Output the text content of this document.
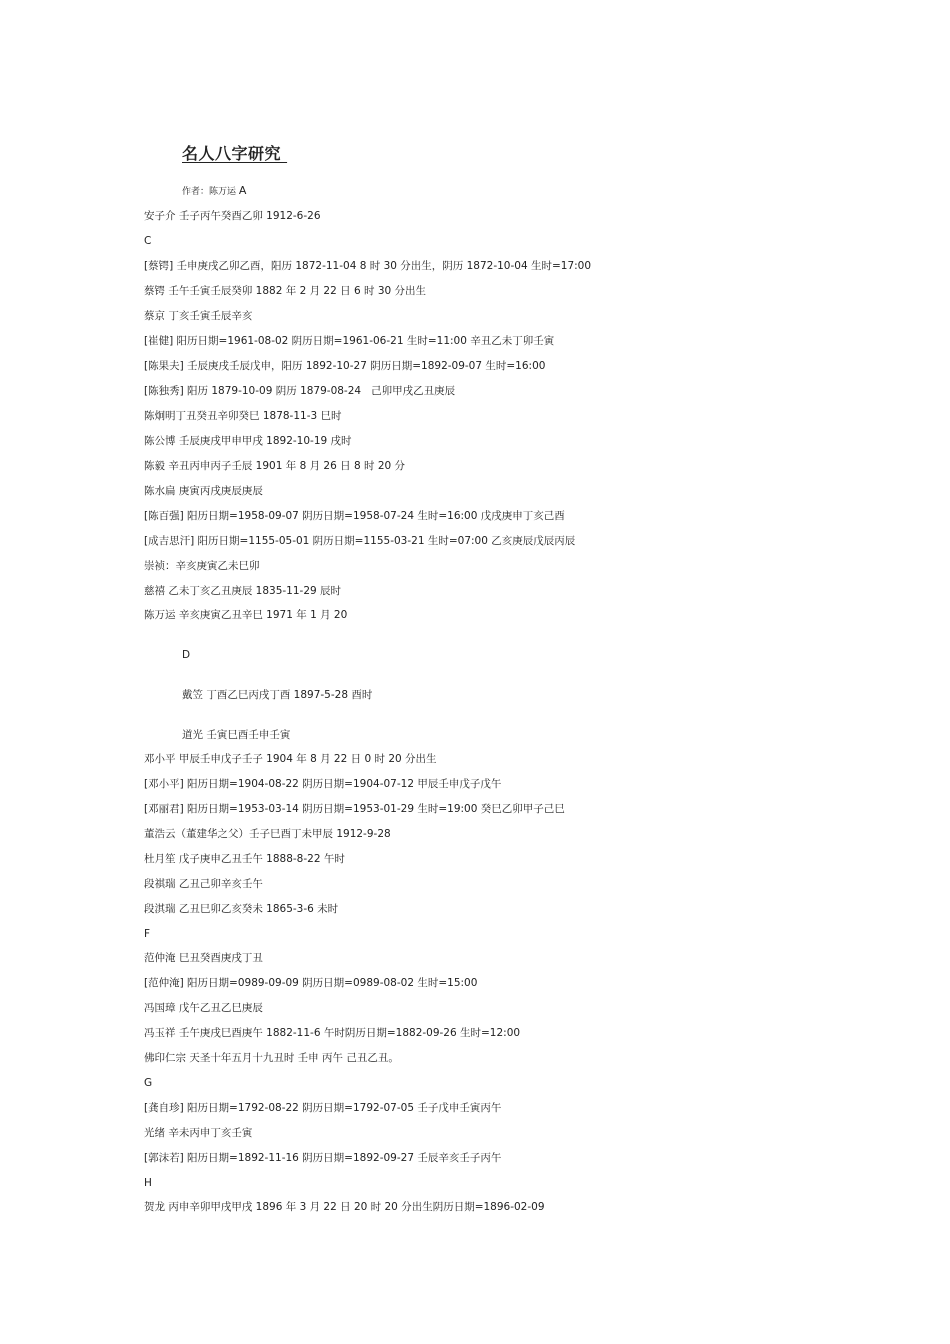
名人八字研究
作者：陈万运 A
安子介 壬子丙午癸酉乙卯 1912-6-26
C
[蔡锷] 壬申庚戌乙卯乙酉，阳历 1872-11-04 8 时 30 分出生，阴历 1872-10-04 生时=17:00
蔡锷 壬午壬寅壬辰癸卯 1882 年 2 月 22 日 6 时 30 分出生
蔡京 丁亥壬寅壬辰辛亥
[崔健] 阳历日期=1961-08-02 阴历日期=1961-06-21 生时=11:00 辛丑乙未丁卯壬寅
[陈果夫] 壬辰庚戌壬辰戊申，阳历 1892-10-27 阴历日期=1892-09-07 生时=16:00
[陈独秀] 阳历 1879-10-09 阴历 1879-08-24   己卯甲戌乙丑庚辰
陈炯明丁丑癸丑辛卯癸巳 1878-11-3 巳时
陈公博 壬辰庚戌甲申甲戌 1892-10-19 戌时
陈毅 辛丑丙申丙子壬辰 1901 年 8 月 26 日 8 时 20 分
陈水扁 庚寅丙戌庚辰庚辰
[陈百强] 阳历日期=1958-09-07 阴历日期=1958-07-24 生时=16:00 戊戌庚申丁亥己酉
[成吉思汗] 阳历日期=1155-05-01 阴历日期=1155-03-21 生时=07:00 乙亥庚辰戊辰丙辰
崇祯：辛亥庚寅乙未巳卯
慈禧 乙未丁亥乙丑庚辰 1835-11-29 辰时
陈万运 辛亥庚寅乙丑辛巳 1971 年 1 月 20
D
戴笠 丁酉乙巳丙戌丁酉 1897-5-28 酉时
道光 壬寅巳酉壬申壬寅
邓小平 甲辰壬申戊子壬子 1904 年 8 月 22 日 0 时 20 分出生
[邓小平] 阳历日期=1904-08-22 阴历日期=1904-07-12 甲辰壬申戊子戊午
[邓丽君] 阳历日期=1953-03-14 阴历日期=1953-01-29 生时=19:00 癸巳乙卯甲子己巳
董浩云（董建华之父）壬子巳酉丁未甲辰 1912-9-28
杜月笙 戊子庚申乙丑壬午 1888-8-22 午时
段祺瑞 乙丑己卯辛亥壬午
段淇瑞 乙丑巳卯乙亥癸未 1865-3-6 未时
F
范仲淹 巳丑癸酉庚戌丁丑
[范仲淹] 阳历日期=0989-09-09 阴历日期=0989-08-02 生时=15:00
冯国璋 戊午乙丑乙巳庚辰
冯玉祥 壬午庚戌巳酉庚午 1882-11-6 午时阴历日期=1882-09-26 生时=12:00
佛印仁宗 天圣十年五月十九丑时 壬申 丙午 己丑乙丑。
G
[龚自珍] 阳历日期=1792-08-22 阴历日期=1792-07-05 壬子戊申壬寅丙午
光绪 辛未丙申丁亥壬寅
[郭沫若] 阳历日期=1892-11-16 阴历日期=1892-09-27 壬辰辛亥壬子丙午
H
贺龙 丙申辛卯甲戌甲戌 1896 年 3 月 22 日 20 时 20 分出生阴历日期=1896-02-09
